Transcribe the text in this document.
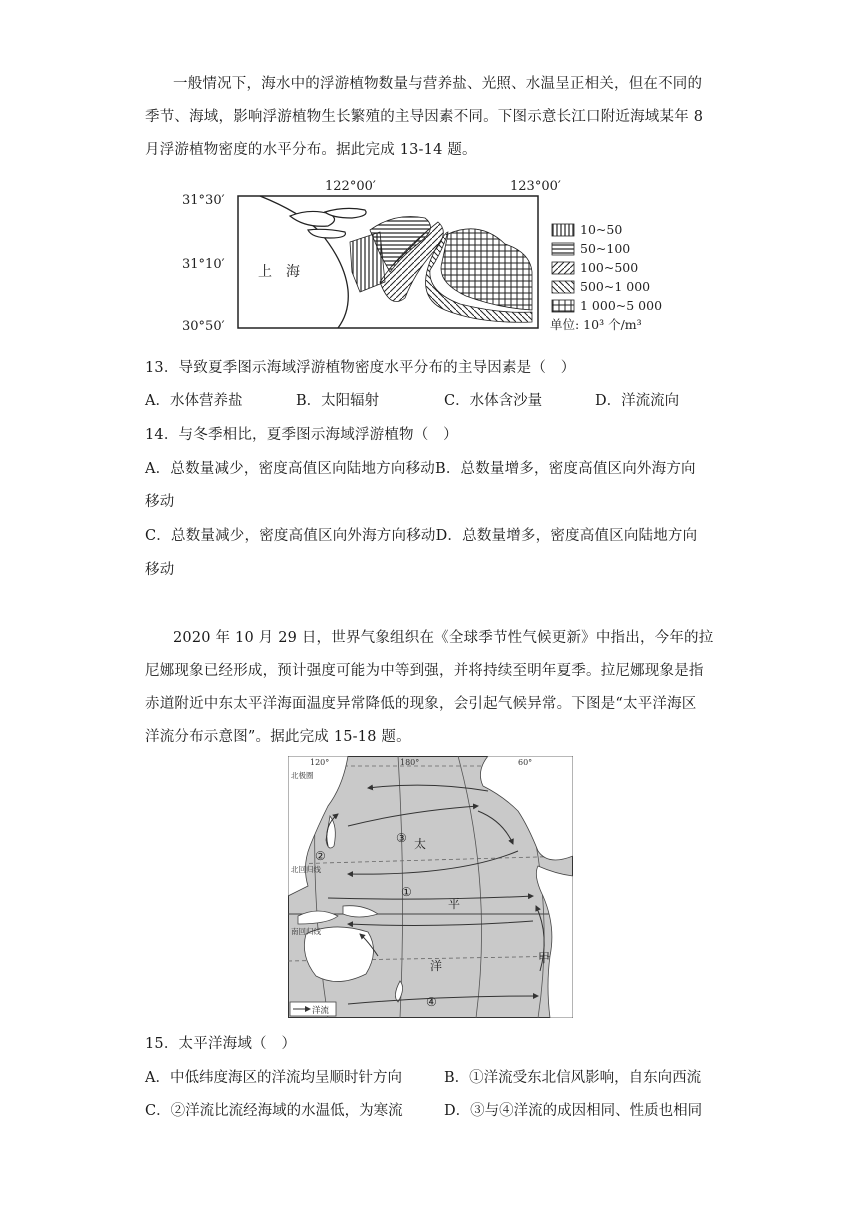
一般情况下，海水中的浮游植物数量与营养盐、光照、水温呈正相关，但在不同的
季节、海域，影响浮游植物生长繁殖的主导因素不同。下图示意长江口附近海域某年 8
月浮游植物密度的水平分布。据此完成 13-14 题。
31°30′
31°10′
30°50′
122°00′	123°00′
上　海
10~50
50~100
100~500
500~1 000
1 000~5 000
单位: 10³ 个/m³
13．导致夏季图示海域浮游植物密度水平分布的主导因素是（　）
A．水体营养盐	B．太阳辐射	C．水体含沙量	D．洋流流向
14．与冬季相比，夏季图示海域浮游植物（　）
A．总数量减少，密度高值区向陆地方向移动B．总数量增多，密度高值区向外海方向
移动
C．总数量减少，密度高值区向外海方向移动D．总数量增多，密度高值区向陆地方向
移动
2020 年 10 月 29 日，世界气象组织在《全球季节性气候更新》中指出，今年的拉
尼娜现象已经形成，预计强度可能为中等到强，并将持续至明年夏季。拉尼娜现象是指
赤道附近中东太平洋海面温度异常降低的现象，会引起气候异常。下图是“太平洋海区
洋流分布示意图”。据此完成 15-18 题。
120°	180°	60°
北极圈
北回归线
南回归线
太
平
洋
①
②
③
④
甲
洋流
15．太平洋海域（　）
A．中低纬度海区的洋流均呈顺时针方向	B．①洋流受东北信风影响，自东向西流
C．②洋流比流经海域的水温低，为寒流	D．③与④洋流的成因相同、性质也相同
